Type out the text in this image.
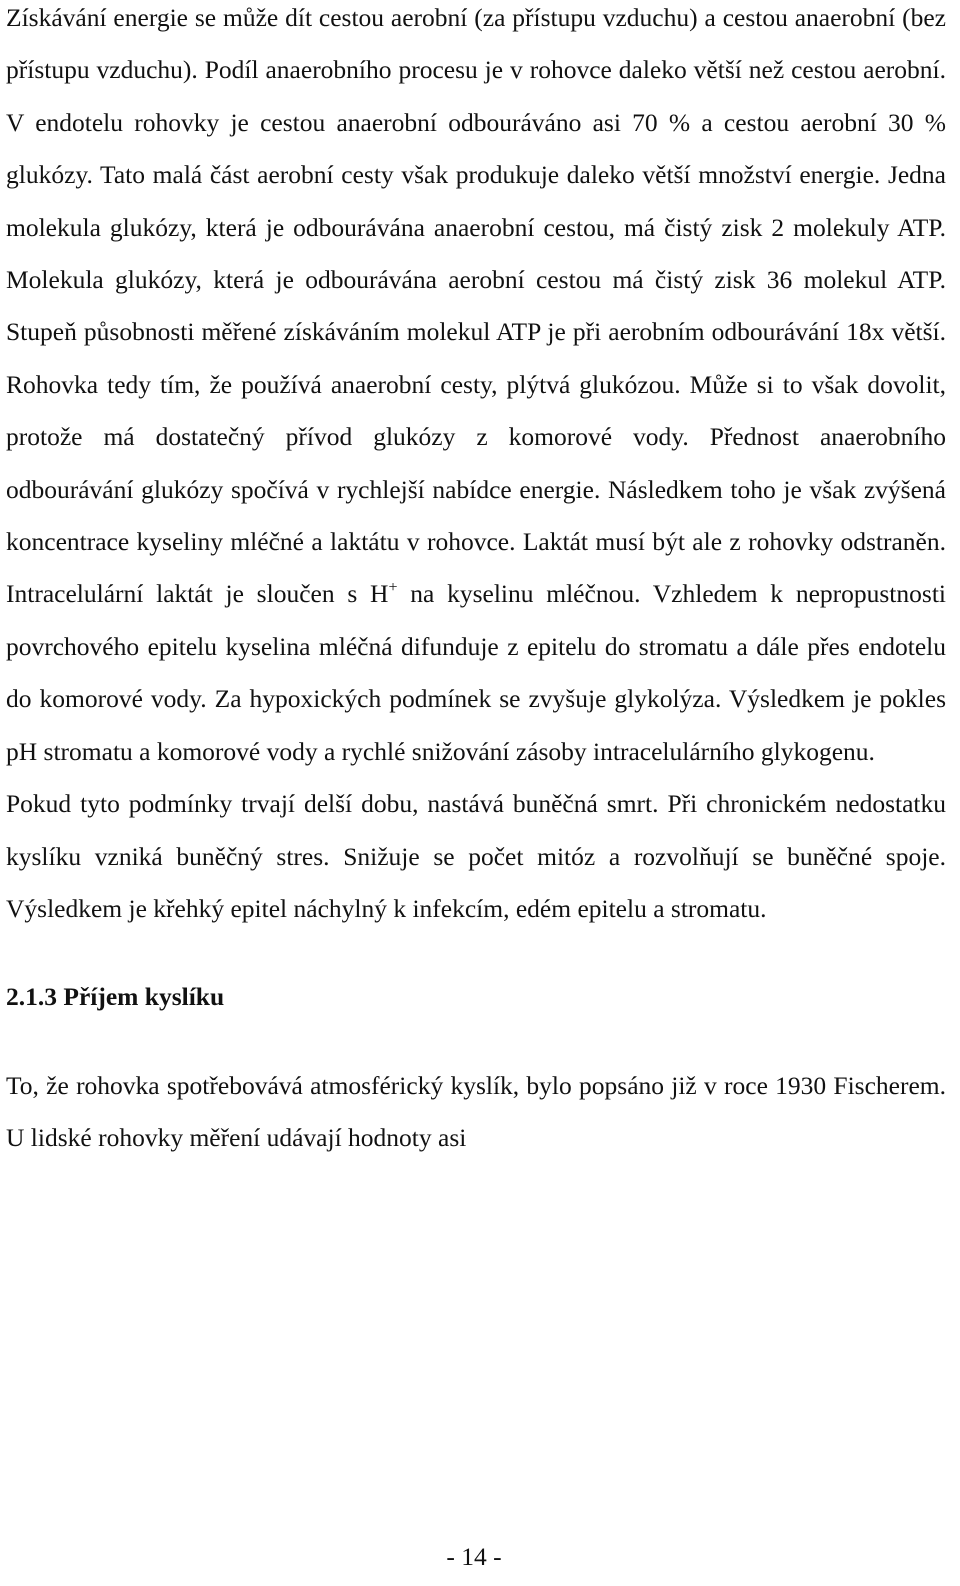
Získávání energie se může dít cestou aerobní (za přístupu vzduchu) a cestou anaerobní (bez přístupu vzduchu). Podíl anaerobního procesu je v rohovce daleko větší než cestou aerobní. V endotelu rohovky je cestou anaerobní odbouráváno asi 70 % a cestou aerobní 30 % glukózy. Tato malá část aerobní cesty však produkuje daleko větší množství energie. Jedna molekula glukózy, která je odbourávána anaerobní cestou, má čistý zisk 2 molekuly ATP. Molekula glukózy, která je odbourávána aerobní cestou má čistý zisk 36 molekul ATP. Stupeň působnosti měřené získáváním molekul ATP je při aerobním odbourávání 18x větší. Rohovka tedy tím, že používá anaerobní cesty, plýtvá glukózou. Může si to však dovolit, protože má dostatečný přívod glukózy z komorové vody. Přednost anaerobního odbourávání glukózy spočívá v rychlejší nabídce energie. Následkem toho je však zvýšená koncentrace kyseliny mléčné a laktátu v rohovce. Laktát musí být ale z rohovky odstraněn. Intracelulární laktát je sloučen s H+ na kyselinu mléčnou. Vzhledem k nepropustnosti povrchového epitelu kyselina mléčná difunduje z epitelu do stromatu a dále přes endotelu do komorové vody. Za hypoxických podmínek se zvyšuje glykolýza. Výsledkem je pokles pH stromatu a komorové vody a rychlé snižování zásoby intracelulárního glykogenu.

Pokud tyto podmínky trvají delší dobu, nastává buněčná smrt. Při chronickém nedostatku kyslíku vzniká buněčný stres. Snižuje se počet mitóz a rozvolňují se buněčné spoje. Výsledkem je křehký epitel náchylný k infekcím, edém epitelu a stromatu.

2.1.3 Příjem kyslíku

To, že rohovka spotřebovává atmosférický kyslík, bylo popsáno již v roce 1930 Fischerem. U lidské rohovky měření udávají hodnoty asi

- 14 -
